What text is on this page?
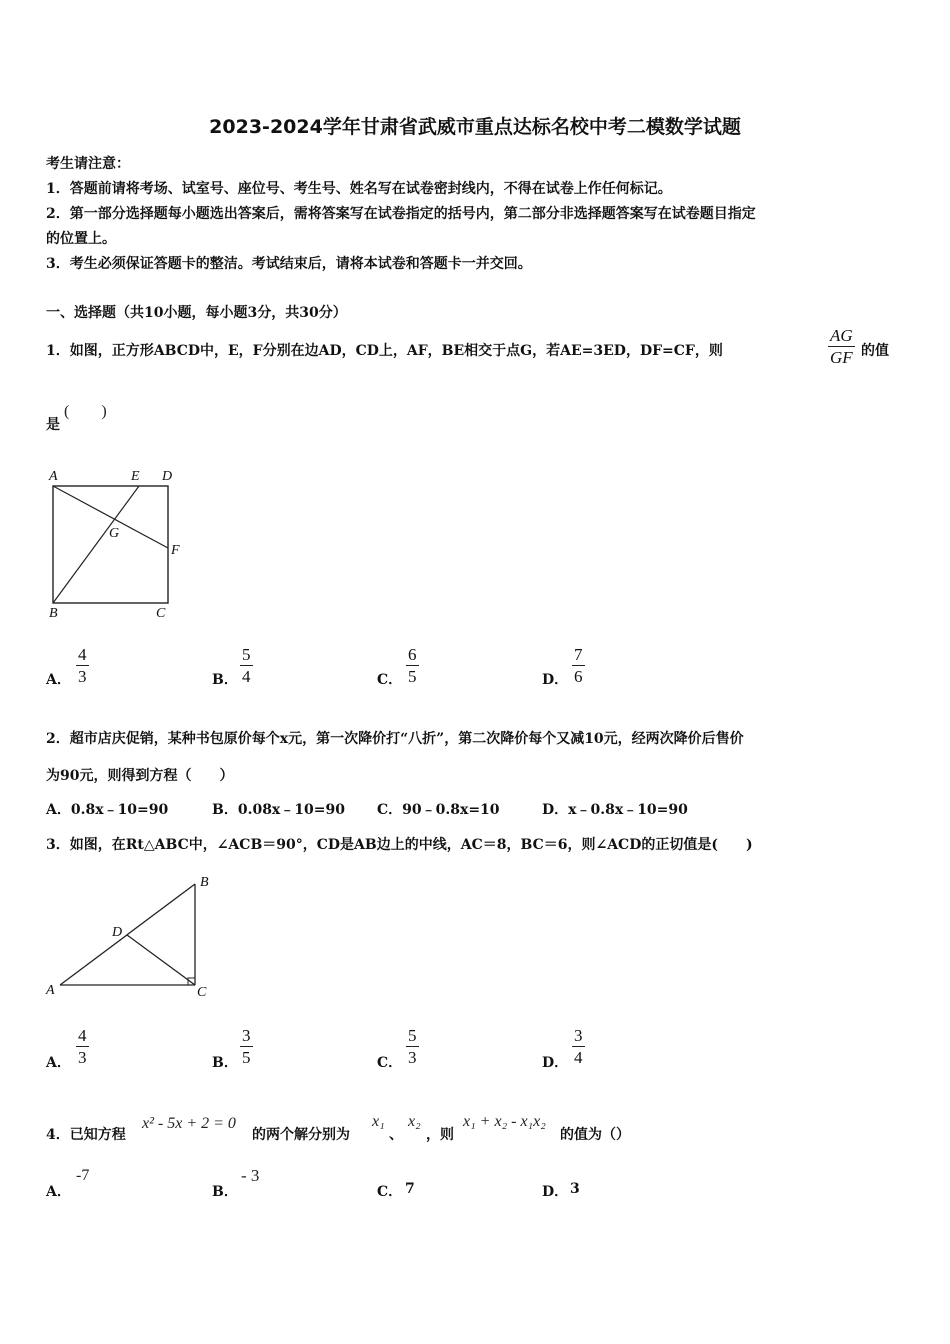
2023-2024学年甘肃省武威市重点达标名校中考二模数学试题
考生请注意：
1．答题前请将考场、试室号、座位号、考生号、姓名写在试卷密封线内，不得在试卷上作任何标记。
2．第一部分选择题每小题选出答案后，需将答案写在试卷指定的括号内，第二部分非选择题答案写在试卷题目指定
的位置上。
3．考生必须保证答题卡的整洁。考试结束后，请将本试卷和答题卡一并交回。
一、选择题（共10小题，每小题3分，共30分）
1．如图，正方形ABCD中，E，F分别在边AD，CD上，AF，BE相交于点G，若AE=3ED，DF=CF，则	$\frac{AG}{GF}$ 的值
是
(　　)
A	E D
G
F
B	C
A． $\frac{4}{3}$	B． $\frac{5}{4}$	C． $\frac{6}{5}$	D． $\frac{7}{6}$
2．超市店庆促销，某种书包原价每个x元，第一次降价打“八折”，第二次降价每个又减10元，经两次降价后售价
为90元，则得到方程（　　）
A．0.8x﹣10=90	B．0.08x﹣10=90 C．90﹣0.8x=10	D．x﹣0.8x﹣10=90
3．如图，在Rt△ABC中，∠ACB＝90°，CD是AB边上的中线，AC＝8，BC＝6，则∠ACD的正切值是(　　)
A
B
C
D
A． $\frac{4}{3}$	B． $\frac{3}{5}$	C． $\frac{5}{3}$	D． $\frac{3}{4}$
4．已知方程
x² - 5x + 2 = 0
的两个解分别为
x₁
、
x₂
，则
x₁ + x₂ - x₁x₂
的值为（）
A．
-7
B．
- 3
C． 7	D． 3
